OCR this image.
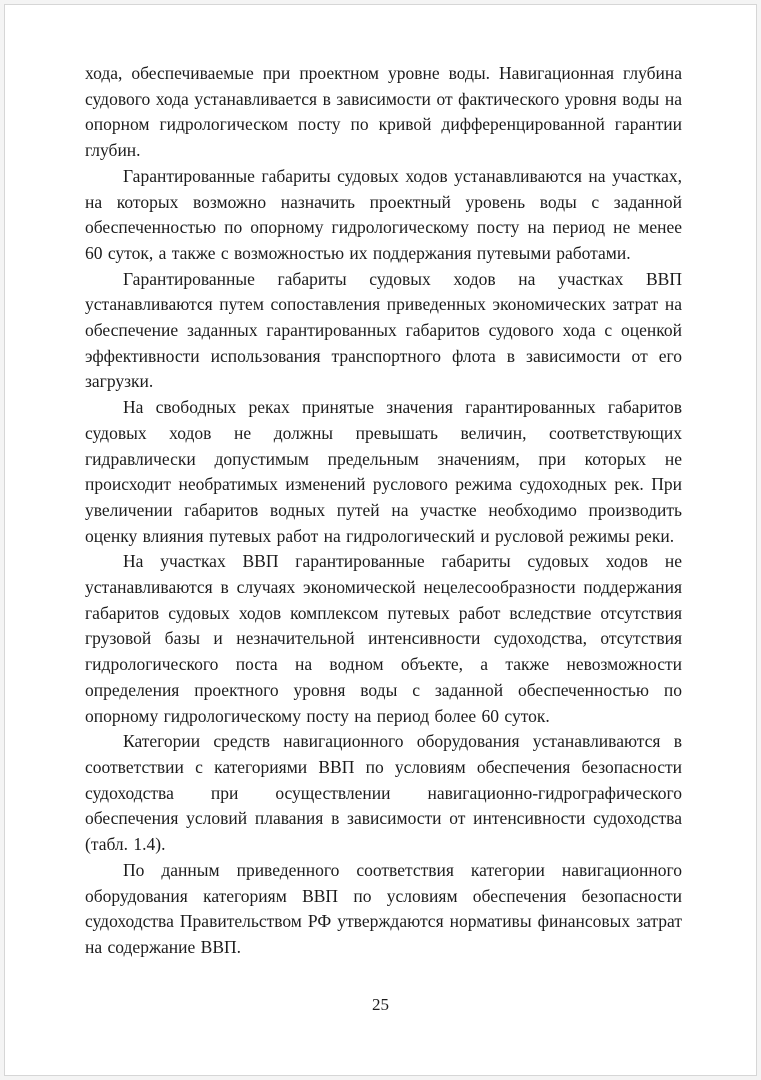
хода, обеспечиваемые при проектном уровне воды. Навигационная глубина судового хода устанавливается в зависимости от фактического уровня воды на опорном гидрологическом посту по кривой дифференцированной гарантии глубин.

Гарантированные габариты судовых ходов устанавливаются на участках, на которых возможно назначить проектный уровень воды с заданной обеспеченностью по опорному гидрологическому посту на период не менее 60 суток, а также с возможностью их поддержания путевыми работами.

Гарантированные габариты судовых ходов на участках ВВП устанавливаются путем сопоставления приведенных экономических затрат на обеспечение заданных гарантированных габаритов судового хода с оценкой эффективности использования транспортного флота в зависимости от его загрузки.

На свободных реках принятые значения гарантированных габаритов судовых ходов не должны превышать величин, соответствующих гидравлически допустимым предельным значениям, при которых не происходит необратимых изменений руслового режима судоходных рек. При увеличении габаритов водных путей на участке необходимо производить оценку влияния путевых работ на гидрологический и русловой режимы реки.

На участках ВВП гарантированные габариты судовых ходов не устанавливаются в случаях экономической нецелесообразности поддержания габаритов судовых ходов комплексом путевых работ вследствие отсутствия грузовой базы и незначительной интенсивности судоходства, отсутствия гидрологического поста на водном объекте, а также невозможности определения проектного уровня воды с заданной обеспеченностью по опорному гидрологическому посту на период более 60 суток.

Категории средств навигационного оборудования устанавливаются в соответствии с категориями ВВП по условиям обеспечения безопасности судоходства при осуществлении навигационно-гидрографического обеспечения условий плавания в зависимости от интенсивности судоходства (табл. 1.4).

По данным приведенного соответствия категории навигационного оборудования категориям ВВП по условиям обеспечения безопасности судоходства Правительством РФ утверждаются нормативы финансовых затрат на содержание ВВП.

25
